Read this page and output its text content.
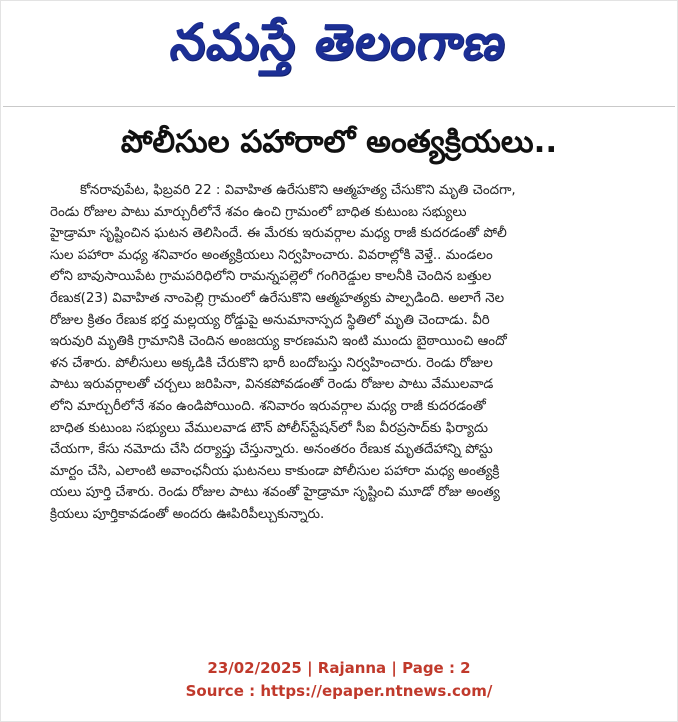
నమస్తే తెలంగాణ
పోలీసుల పహారాలో అంత్యక్రియలు..
కోనరావుపేట, ఫిబ్రవరి 22 : వివాహిత ఉరేసుకొని ఆత్మహత్య చేసుకొని మృతి చెందగా,
రెండు రోజుల పాటు మార్చురీలోనే శవం ఉంచి గ్రామంలో బాధిత కుటుంబ సభ్యులు
హైడ్రామా సృష్టించిన ఘటన తెలిసిందే. ఈ మేరకు ఇరువర్గాల మధ్య రాజీ కుదరడంతో పోలీ
సుల పహారా మధ్య శనివారం అంత్యక్రియలు నిర్వహించారు. వివరాల్లోకి వెళ్తే.. మండలం
లోని బావుసాయిపేట గ్రామపరిధిలోని రామన్నపల్లెలో గంగిరెడ్డుల కాలనీకి చెందిన బత్తుల
రేణుక(23) వివాహిత నాంపెల్లి గ్రామంలో ఉరేసుకొని ఆత్మహత్యకు పాల్పడింది. అలాగే నెల
రోజుల క్రితం రేణుక భర్త మల్లయ్య రోడ్డుపై అనుమానాస్పద స్థితిలో మృతి చెందాడు. వీరి
ఇరువురి మృతికి గ్రామానికి చెందిన అంజయ్య కారణమని ఇంటి ముందు బైఠాయించి ఆందో
ళన చేశారు. పోలీసులు అక్కడికి చేరుకొని భారీ బందోబస్తు నిర్వహించారు. రెండు రోజుల
పాటు ఇరువర్గాలతో చర్చలు జరిపినా, వినకపోవడంతో రెండు రోజుల పాటు వేములవాడ
లోని మార్చురీలోనే శవం ఉండిపోయింది. శనివారం ఇరువర్గాల మధ్య రాజీ కుదరడంతో
బాధిత కుటుంబ సభ్యులు వేములవాడ టౌన్ పోలీస్‌స్టేషన్‌లో సీఐ వీరప్రసాద్‌కు ఫిర్యాదు
చేయగా, కేసు నమోదు చేసి దర్యాప్తు చేస్తున్నారు. అనంతరం రేణుక మృతదేహాన్ని పోస్టు
మార్టం చేసి, ఎలాంటి అవాంఛనీయ ఘటనలు కాకుండా పోలీసుల పహారా మధ్య అంత్యక్రి
యలు పూర్తి చేశారు. రెండు రోజుల పాటు శవంతో హైడ్రామా సృష్టించి మూడో రోజు అంత్య
క్రియలు పూర్తికావడంతో అందరు ఊపిరిపీల్చుకున్నారు.
23/02/2025 | Rajanna | Page : 2
Source : https://epaper.ntnews.com/
